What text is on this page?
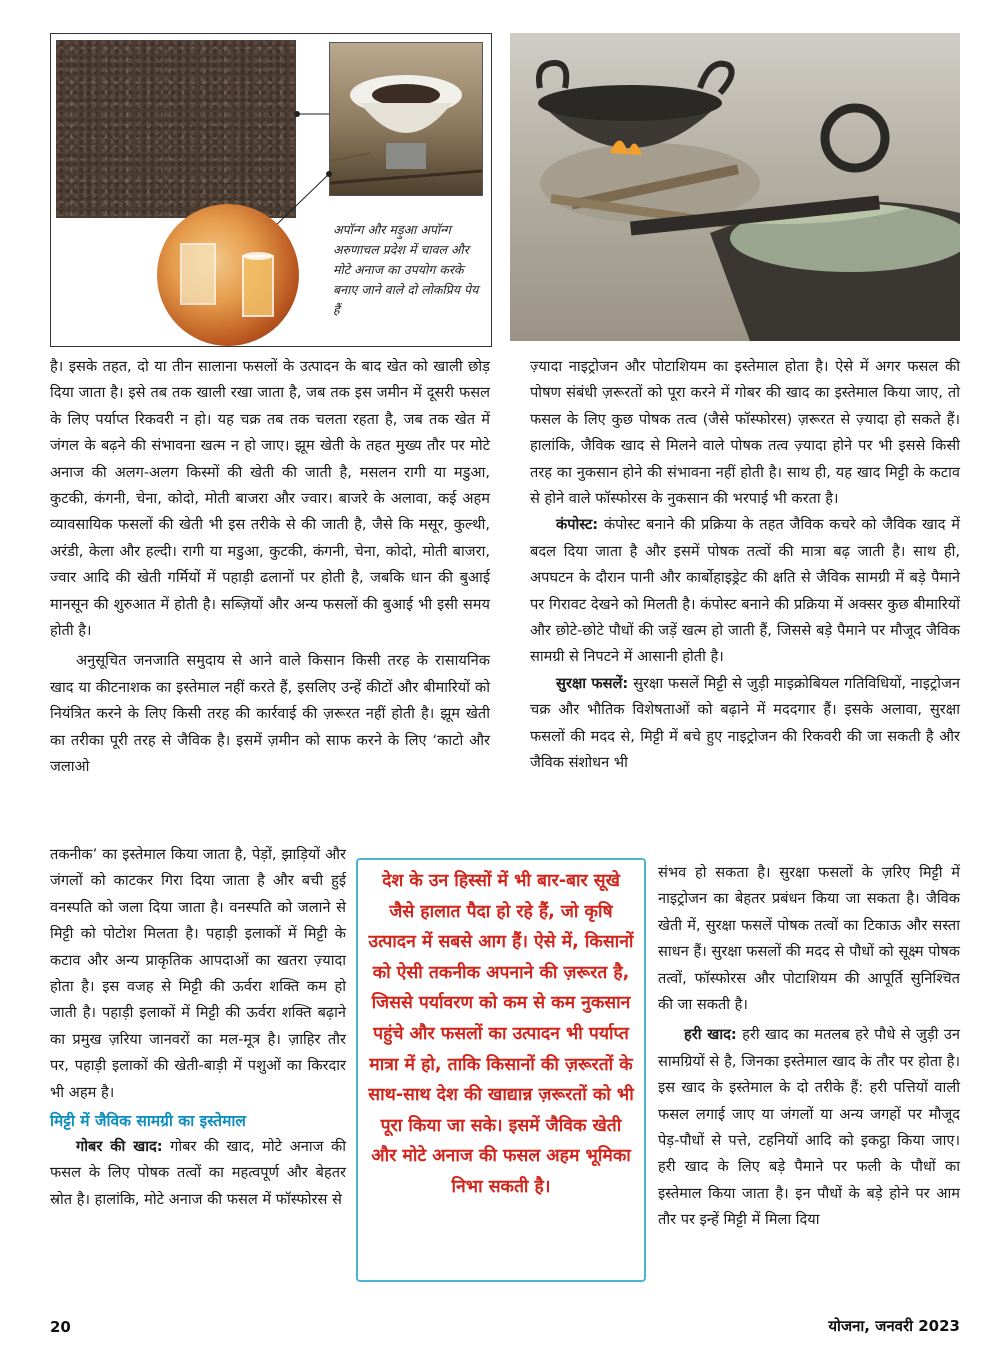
अपॉन्ग और मड़ुआ अपॉन्ग अरुणाचल प्रदेश में चावल और मोटे अनाज का उपयोग करके बनाए जाने वाले दो लोकप्रिय पेय हैं

है। इसके तहत, दो या तीन सालाना फसलों के उत्पादन के बाद खेत को खाली छोड़ दिया जाता है। इसे तब तक खाली रखा जाता है, जब तक इस जमीन में दूसरी फसल के लिए पर्याप्त रिकवरी न हो। यह चक्र तब तक चलता रहता है, जब तक खेत में जंगल के बढ़ने की संभावना खत्म न हो जाए। झूम खेती के तहत मुख्य तौर पर मोटे अनाज की अलग-अलग किस्मों की खेती की जाती है, मसलन रागी या मडुआ, कुटकी, कंगनी, चेना, कोदो, मोती बाजरा और ज्वार। बाजरे के अलावा, कई अहम व्यावसायिक फसलों की खेती भी इस तरीके से की जाती है, जैसे कि मसूर, कुल्थी, अरंडी, केला और हल्दी। रागी या मडुआ, कुटकी, कंगनी, चेना, कोदो, मोती बाजरा, ज्वार आदि की खेती गर्मियों में पहाड़ी ढलानों पर होती है, जबकि धान की बुआई मानसून की शुरुआत में होती है। सब्ज़ियों और अन्य फसलों की बुआई भी इसी समय होती है।

अनुसूचित जनजाति समुदाय से आने वाले किसान किसी तरह के रासायनिक खाद या कीटनाशक का इस्तेमाल नहीं करते हैं, इसलिए उन्हें कीटों और बीमारियों को नियंत्रित करने के लिए किसी तरह की कार्रवाई की ज़रूरत नहीं होती है। झूम खेती का तरीका पूरी तरह से जैविक है। इसमें ज़मीन को साफ करने के लिए ‘काटो और जलाओ

तकनीक’ का इस्तेमाल किया जाता है, पेड़ों, झाड़ियों और जंगलों को काटकर गिरा दिया जाता है और बची हुई वनस्पति को जला दिया जाता है। वनस्पति को जलाने से मिट्टी को पोटोश मिलता है। पहाड़ी इलाकों में मिट्टी के कटाव और अन्य प्राकृतिक आपदाओं का खतरा ज़्यादा होता है। इस वजह से मिट्टी की ऊर्वरा शक्ति कम हो जाती है। पहाड़ी इलाकों में मिट्टी की ऊर्वरा शक्ति बढ़ाने का प्रमुख ज़रिया जानवरों का मल-मूत्र है। ज़ाहिर तौर पर, पहाड़ी इलाकों की खेती-बाड़ी में पशुओं का किरदार भी अहम है।

मिट्टी में जैविक सामग्री का इस्तेमाल

गोबर की खाद: गोबर की खाद, मोटे अनाज की फसल के लिए पोषक तत्वों का महत्वपूर्ण और बेहतर स्रोत है। हालांकि, मोटे अनाज की फसल में फॉस्फोरस से

देश के उन हिस्सों में भी बार-बार सूखे जैसे हालात पैदा हो रहे हैं, जो कृषि उत्पादन में सबसे आग हैं। ऐसे में, किसानों को ऐसी तकनीक अपनाने की ज़रूरत है, जिससे पर्यावरण को कम से कम नुकसान पहुंचे और फसलों का उत्पादन भी पर्याप्त मात्रा में हो, ताकि किसानों की ज़रूरतों के साथ-साथ देश की खाद्यान्न ज़रूरतों को भी पूरा किया जा सके। इसमें जैविक खेती और मोटे अनाज की फसल अहम भूमिका निभा सकती है।

ज़्यादा नाइट्रोजन और पोटाशियम का इस्तेमाल होता है। ऐसे में अगर फसल की पोषण संबंधी ज़रूरतों को पूरा करने में गोबर की खाद का इस्तेमाल किया जाए, तो फसल के लिए कुछ पोषक तत्व (जैसे फॉस्फोरस) ज़रूरत से ज़्यादा हो सकते हैं। हालांकि, जैविक खाद से मिलने वाले पोषक तत्व ज़्यादा होने पर भी इससे किसी तरह का नुकसान होने की संभावना नहीं होती है। साथ ही, यह खाद मिट्टी के कटाव से होने वाले फॉस्फोरस के नुकसान की भरपाई भी करता है।

कंपोस्ट: कंपोस्ट बनाने की प्रक्रिया के तहत जैविक कचरे को जैविक खाद में बदल दिया जाता है और इसमें पोषक तत्वों की मात्रा बढ़ जाती है। साथ ही, अपघटन के दौरान पानी और कार्बोहाइड्रेट की क्षति से जैविक सामग्री में बड़े पैमाने पर गिरावट देखने को मिलती है। कंपोस्ट बनाने की प्रक्रिया में अक्सर कुछ बीमारियों और छोटे-छोटे पौधों की जड़ें खत्म हो जाती हैं, जिससे बड़े पैमाने पर मौजूद जैविक सामग्री से निपटने में आसानी होती है।

सुरक्षा फसलें: सुरक्षा फसलें मिट्टी से जुड़ी माइक्रोबियल गतिविधियों, नाइट्रोजन चक्र और भौतिक विशेषताओं को बढ़ाने में मददगार हैं। इसके अलावा, सुरक्षा फसलों की मदद से, मिट्टी में बचे हुए नाइट्रोजन की रिकवरी की जा सकती है और जैविक संशोधन भी

संभव हो सकता है। सुरक्षा फसलों के ज़रिए मिट्टी में नाइट्रोजन का बेहतर प्रबंधन किया जा सकता है। जैविक खेती में, सुरक्षा फसलें पोषक तत्वों का टिकाऊ और सस्ता साधन हैं। सुरक्षा फसलों की मदद से पौधों को सूक्ष्म पोषक तत्वों, फॉस्फोरस और पोटाशियम की आपूर्ति सुनिश्चित की जा सकती है।

हरी खाद: हरी खाद का मतलब हरे पौधे से जुड़ी उन सामग्रियों से है, जिनका इस्तेमाल खाद के तौर पर होता है। इस खाद के इस्तेमाल के दो तरीके हैं: हरी पत्तियों वाली फसल लगाई जाए या जंगलों या अन्य जगहों पर मौजूद पेड़-पौधों से पत्ते, टहनियों आदि को इकट्ठा किया जाए। हरी खाद के लिए बड़े पैमाने पर फली के पौधों का इस्तेमाल किया जाता है। इन पौधों के बड़े होने पर आम तौर पर इन्हें मिट्टी में मिला दिया

20	योजना, जनवरी 2023
